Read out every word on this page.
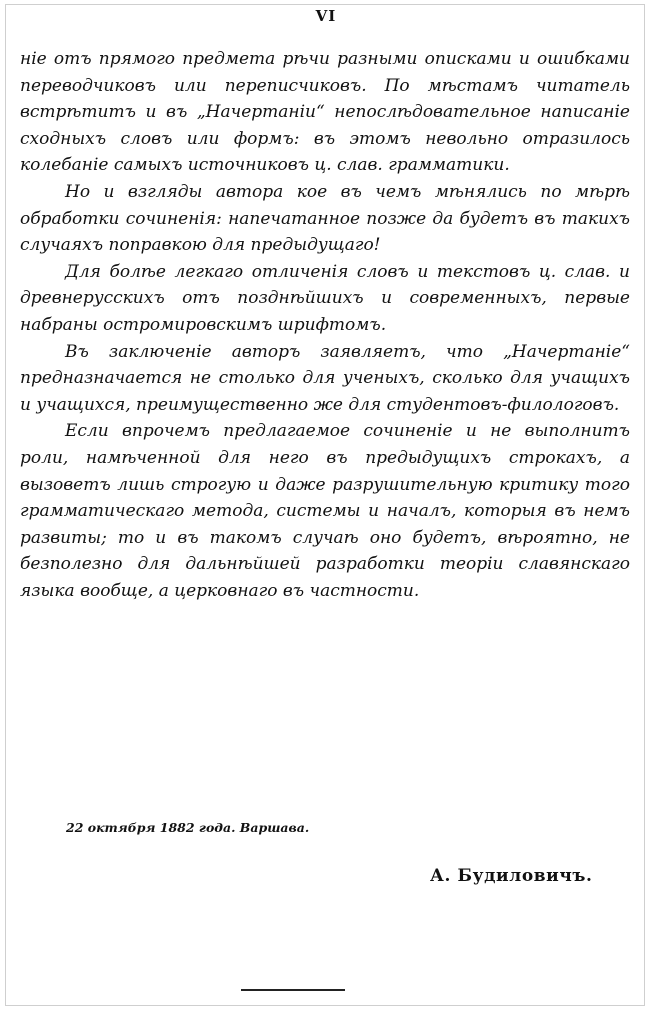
VI

ніе отъ прямого предмета рѣчи разными описками и ошибками переводчиковъ или переписчиковъ. По мѣстамъ читатель встрѣтитъ и въ „Начертаніи“ непослѣдовательное написаніе сходныхъ словъ или формъ: въ этомъ невольно отразилось колебаніе самыхъ источниковъ ц. слав. грамматики.

Но и взгляды автора кое въ чемъ мѣнялись по мѣрѣ обработки сочиненія: напечатанное позже да будетъ въ такихъ случаяхъ поправкою для предыдущаго!

Для болѣе легкаго отличенія словъ и текстовъ ц. слав. и древнерусскихъ отъ позднѣйшихъ и современныхъ, первые набраны остромировскимъ шрифтомъ.

Въ заключеніе авторъ заявляетъ, что „Начертаніе“ предназначается не столько для ученыхъ, сколько для учащихъ и учащихся, преимущественно же для студентовъ-филологовъ.

Если впрочемъ предлагаемое сочиненіе и не выполнитъ роли, намѣченной для него въ предыдущихъ строкахъ, а вызоветъ лишь строгую и даже разрушительную критику того грамматическаго метода, системы и началъ, которыя въ немъ развиты; то и въ такомъ случаѣ оно будетъ, вѣроятно, не безполезно для дальнѣйшей разработки теоріи славянскаго языка вообще, а церковнаго въ частности.

22 октября 1882 года. Варшава.
А. Будиловичъ.
